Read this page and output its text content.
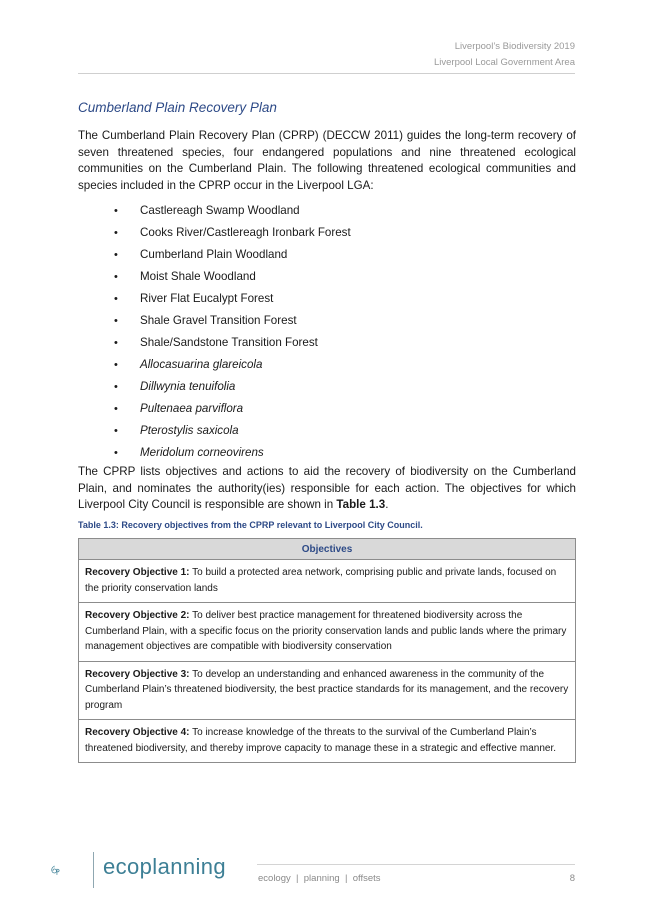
Liverpool’s Biodiversity 2019
Liverpool Local Government Area
Cumberland Plain Recovery Plan

The Cumberland Plain Recovery Plan (CPRP) (DECCW 2011) guides the long-term recovery of seven threatened species, four endangered populations and nine threatened ecological communities on the Cumberland Plain. The following threatened ecological communities and species included in the CPRP occur in the Liverpool LGA:

• Castlereagh Swamp Woodland
• Cooks River/Castlereagh Ironbark Forest
• Cumberland Plain Woodland
• Moist Shale Woodland
• River Flat Eucalypt Forest
• Shale Gravel Transition Forest
• Shale/Sandstone Transition Forest
• Allocasuarina glareicola
• Dillwynia tenuifolia
• Pultenaea parviflora
• Pterostylis saxicola
• Meridolum corneovirens

The CPRP lists objectives and actions to aid the recovery of biodiversity on the Cumberland Plain, and nominates the authority(ies) responsible for each action. The objectives for which Liverpool City Council is responsible are shown in Table 1.3.

Table 1.3: Recovery objectives from the CPRP relevant to Liverpool City Council.

Objectives
Recovery Objective 1: To build a protected area network, comprising public and private lands, focused on the priority conservation lands
Recovery Objective 2: To deliver best practice management for threatened biodiversity across the Cumberland Plain, with a specific focus on the priority conservation lands and public lands where the primary management objectives are compatible with biodiversity conservation
Recovery Objective 3: To develop an understanding and enhanced awareness in the community of the Cumberland Plain’s threatened biodiversity, the best practice standards for its management, and the recovery program
Recovery Objective 4: To increase knowledge of the threats to the survival of the Cumberland Plain’s threatened biodiversity, and thereby improve capacity to manage these in a strategic and effective manner.
ecoplanning	ecology  |  planning  |  offsets	8
